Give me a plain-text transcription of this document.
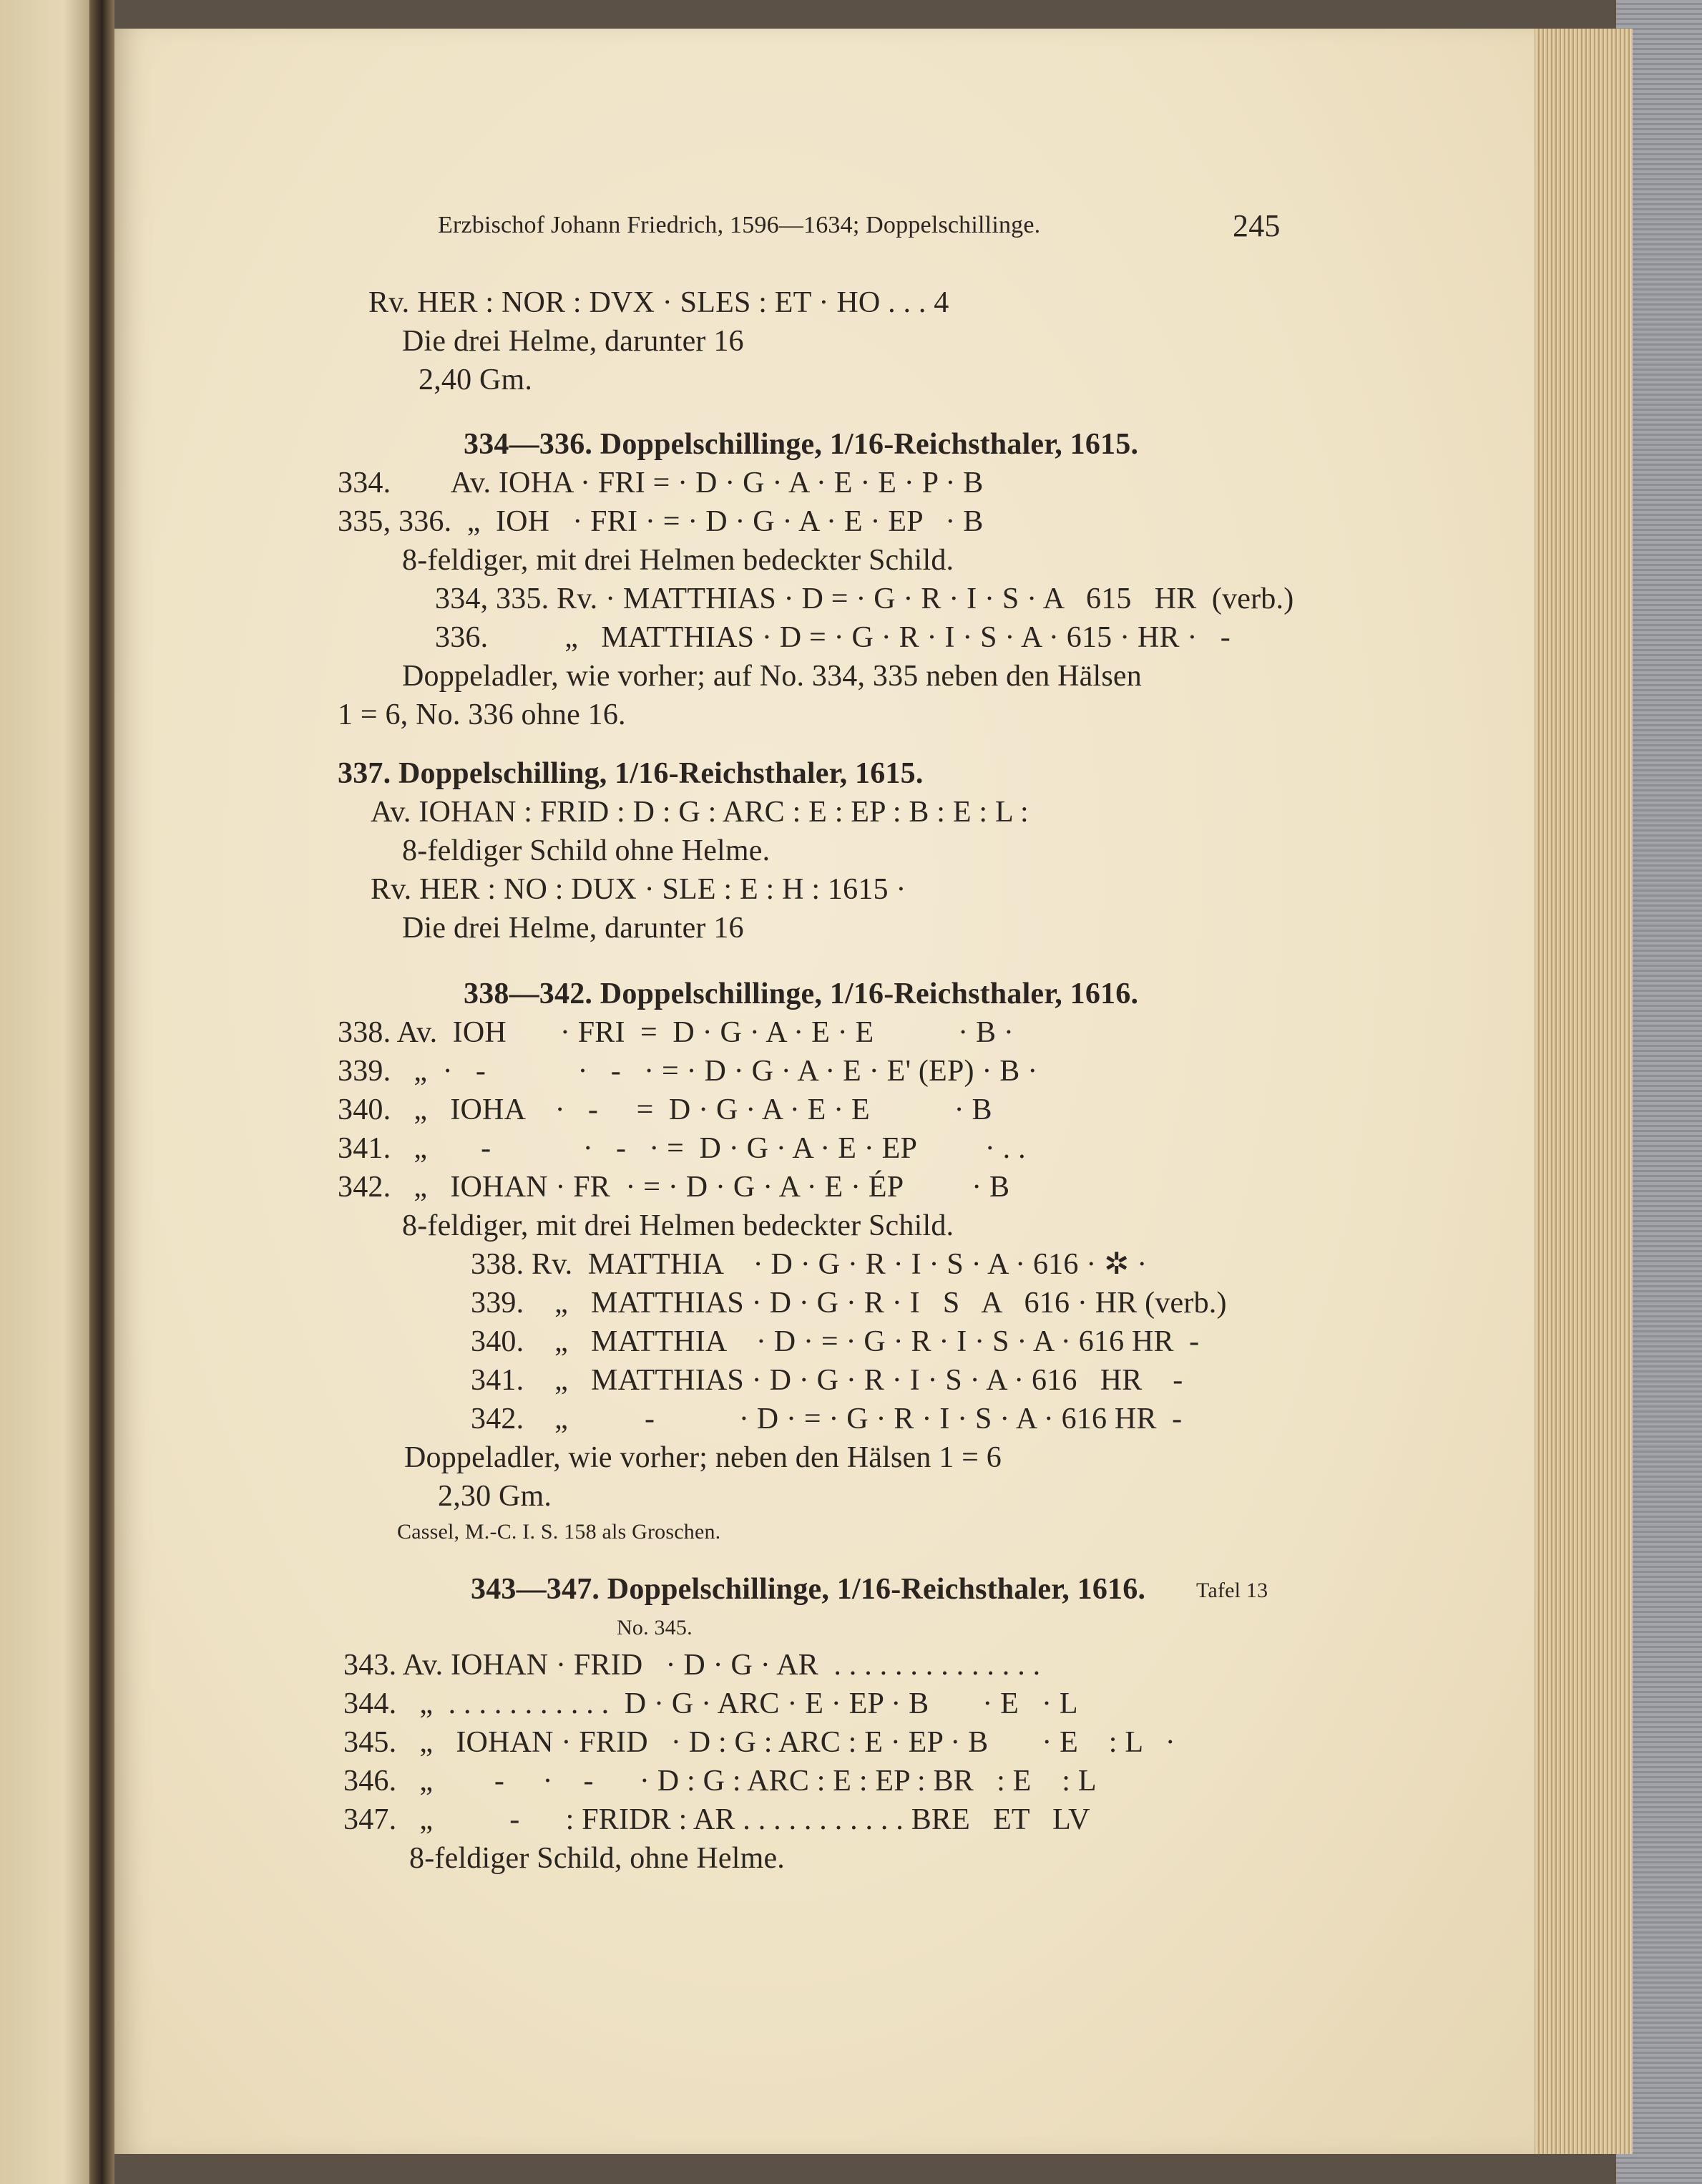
Erzbischof Johann Friedrich, 1596—1634; Doppelschillinge.	245
Rv. HER : NOR : DVX · SLES : ET · HO . . . 4
Die drei Helme, darunter 16
2,40 Gm.
334—336. Doppelschillinge, 1/16-Reichsthaler, 1615.
334.        Av. IOHA · FRI = · D · G · A · E · E · P · B
335, 336.  „  IOH   · FRI · = · D · G · A · E · EP   · B
8-feldiger, mit drei Helmen bedeckter Schild.
334, 335. Rv. · MATTHIAS · D = · G · R · I · S · A   615   HR  (verb.)
336.          „   MATTHIAS · D = · G · R · I · S · A · 615 · HR ·   -
Doppeladler, wie vorher; auf No. 334, 335 neben den Hälsen
1 = 6, No. 336 ohne 16.
337. Doppelschilling, 1/16-Reichsthaler, 1615.
Av. IOHAN : FRID : D : G : ARC : E : EP : B : E : L :
8-feldiger Schild ohne Helme.
Rv. HER : NO : DUX · SLE : E : H : 1615 ·
Die drei Helme, darunter 16
338—342. Doppelschillinge, 1/16-Reichsthaler, 1616.
338. Av.  IOH       · FRI  =  D · G · A · E · E           · B ·
339.   „  ·   -            ·   -   · = · D · G · A · E · E' (EP) · B ·
340.   „   IOHA    ·   -     =  D · G · A · E · E           · B
341.   „       -            ·   -   · =  D · G · A · E · EP         · . .
342.   „   IOHAN · FR  · = · D · G · A · E · ÉP         · B
8-feldiger, mit drei Helmen bedeckter Schild.
338. Rv.  MATTHIA    · D · G · R · I · S · A · 616 · ✲ ·
339.    „   MATTHIAS · D · G · R · I   S   A   616 · HR (verb.)
340.    „   MATTHIA    · D · = · G · R · I · S · A · 616 HR  -
341.    „   MATTHIAS · D · G · R · I · S · A · 616   HR    -
342.    „          -           · D · = · G · R · I · S · A · 616 HR  -
Doppeladler, wie vorher; neben den Hälsen 1 = 6
2,30 Gm.
Cassel, M.-C. I. S. 158 als Groschen.
343—347. Doppelschillinge, 1/16-Reichsthaler, 1616. Tafel 13
No. 345.
343. Av. IOHAN · FRID   · D · G · AR  . . . . . . . . . . . . . .
344.   „  . . . . . . . . . . .  D · G · ARC · E · EP · B       · E   · L
345.   „   IOHAN · FRID   · D : G : ARC : E · EP · B       · E    : L   ·
346.   „        -     ·    -      · D : G : ARC : E : EP : BR   : E    : L
347.   „          -      : FRIDR : AR . . . . . . . . . . . BRE   ET   LV
8-feldiger Schild, ohne Helme.
